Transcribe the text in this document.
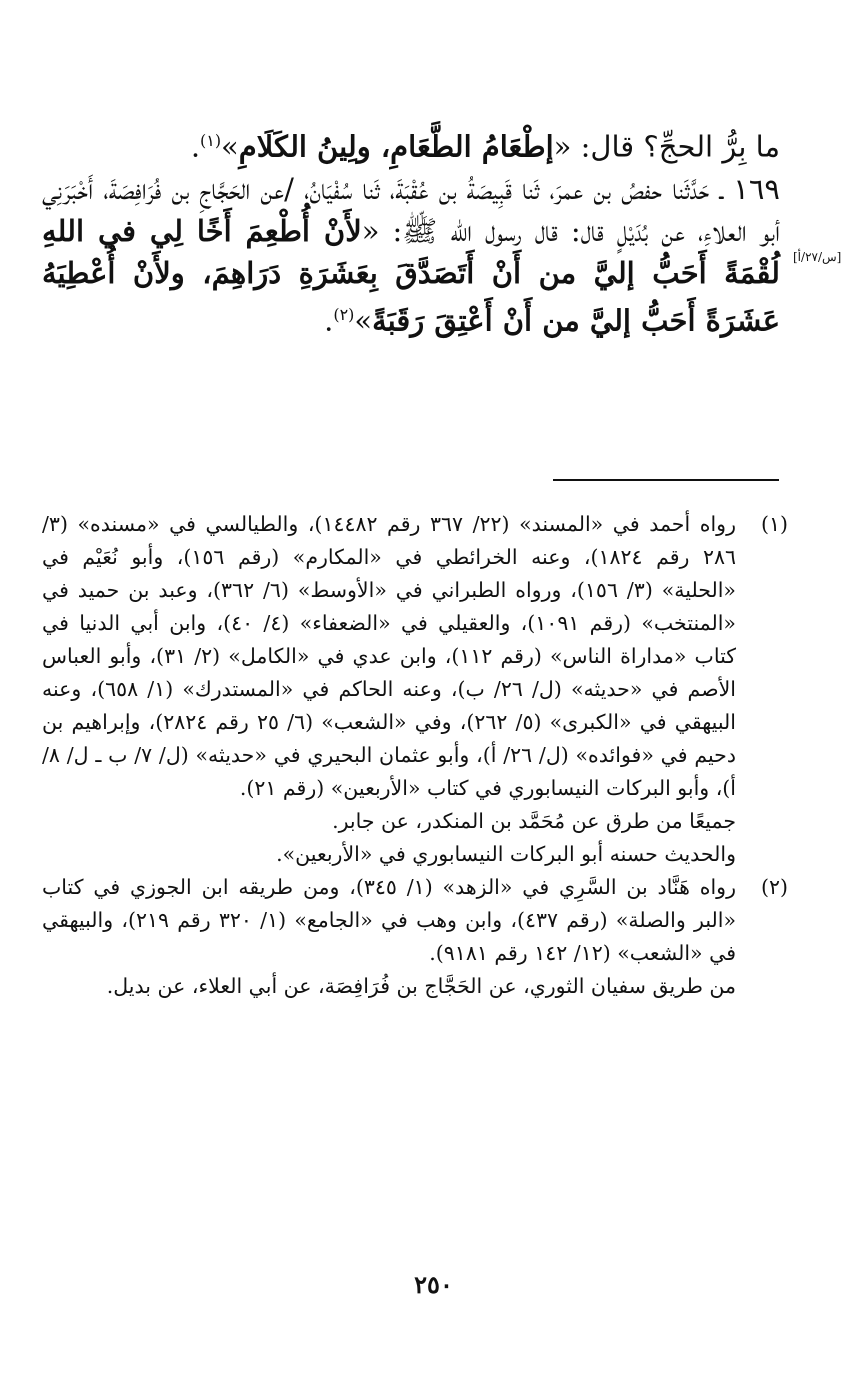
ما بِرُّ الحجِّ؟ قال: «إطْعَامُ الطَّعَامِ، ولِينُ الكَلَامِ»$^{(١)}$.

١٦٩ ـ حَدَّثَنا حفصُ بن عمرَ، ثَنا قَبِيصَةُ بن عُقْبَةَ، ثَنا سُفْيَانُ، /عن الحَجَّاجِ بن فُرَافِصَةَ، أَخْبَرَنِي أبو العلاءِ، عن بُدَيْلٍ قال: قال رسول الله ﷺ: «لأَنْ أُطْعِمَ أَخًا لِي في اللهِ لُقْمَةً أَحَبُّ إليَّ من أَنْ أَتَصَدَّقَ بِعَشَرَةِ دَرَاهِمَ، ولأَنْ أُعْطِيَهُ عَشَرَةً أَحَبُّ إليَّ من أَنْ أَعْتِقَ رَقَبَةً»$^{(٢)}$.

[س/٢٧/أ]
(١)

رواه أحمد في «المسند» (٢٢/ ٣٦٧ رقم ١٤٤٨٢)، والطيالسي في «مسنده» (٣/ ٢٨٦ رقم ١٨٢٤)، وعنه الخرائطي في «المكارم» (رقم ١٥٦)، وأبو نُعَيْم في «الحلية» (٣/ ١٥٦)، ورواه الطبراني في «الأوسط» (٦/ ٣٦٢)، وعبد بن حميد في «المنتخب» (رقم ١٠٩١)، والعقيلي في «الضعفاء» (٤/ ٤٠)، وابن أبي الدنيا في كتاب «مداراة الناس» (رقم ١١٢)، وابن عدي في «الكامل» (٢/ ٣١)، وأبو العباس الأصم في «حديثه» (ل/ ٢٦/ ب)، وعنه الحاكم في «المستدرك» (١/ ٦٥٨)، وعنه البيهقي في «الكبرى» (٥/ ٢٦٢)، وفي «الشعب» (٦/ ٢٥ رقم ٢٨٢٤)، وإبراهيم بن دحيم في «فوائده» (ل/ ٢٦/ أ)، وأبو عثمان البحيري في «حديثه» (ل/ ٧/ ب ـ ل/ ٨/ أ)، وأبو البركات النيسابوري في كتاب «الأربعين» (رقم ٢١).

جميعًا من طرق عن مُحَمَّد بن المنكدر، عن جابر.

والحديث حسنه أبو البركات النيسابوري في «الأربعين».

(٢)

رواه هَنَّاد بن السَّرِي في «الزهد» (١/ ٣٤٥)، ومن طريقه ابن الجوزي في كتاب «البر والصلة» (رقم ٤٣٧)، وابن وهب في «الجامع» (١/ ٣٢٠ رقم ٢١٩)، والبيهقي في «الشعب» (١٢/ ١٤٢ رقم ٩١٨١).

من طريق سفيان الثوري، عن الحَجَّاج بن فُرَافِصَة، عن أبي العلاء، عن بديل.

٢٥٠
